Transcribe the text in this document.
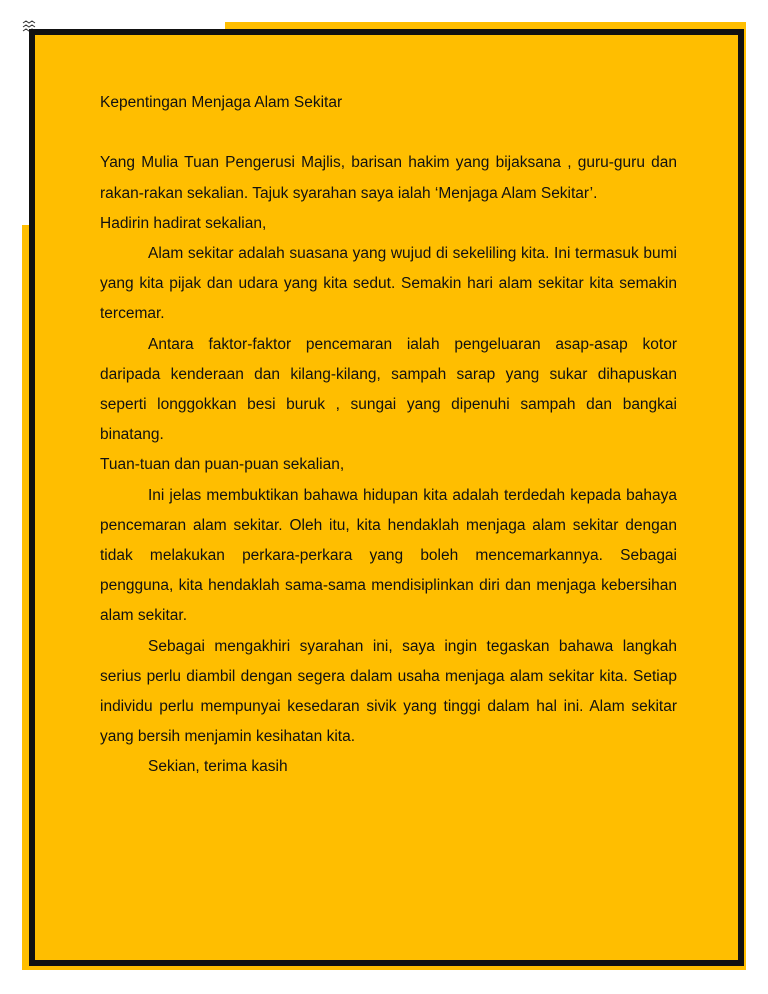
Kepentingan Menjaga Alam Sekitar

Yang Mulia Tuan Pengerusi Majlis, barisan hakim yang bijaksana , guru-guru dan rakan-rakan sekalian. Tajuk syarahan saya ialah ‘Menjaga Alam Sekitar’.

Hadirin hadirat sekalian,

Alam sekitar adalah suasana yang wujud di sekeliling kita. Ini termasuk bumi yang kita pijak dan udara yang kita sedut. Semakin hari alam sekitar kita semakin tercemar.

Antara faktor-faktor pencemaran ialah pengeluaran asap-asap kotor daripada kenderaan dan kilang-kilang, sampah sarap yang sukar dihapuskan seperti longgokkan besi buruk , sungai yang dipenuhi sampah dan bangkai binatang.

Tuan-tuan dan puan-puan sekalian,

Ini jelas membuktikan bahawa hidupan kita adalah terdedah kepada bahaya pencemaran alam sekitar. Oleh itu, kita hendaklah menjaga alam sekitar dengan tidak melakukan perkara-perkara yang boleh mencemarkannya. Sebagai pengguna, kita hendaklah sama-sama mendisiplinkan diri dan menjaga kebersihan alam sekitar.

Sebagai mengakhiri syarahan ini, saya ingin tegaskan bahawa langkah serius perlu diambil dengan segera dalam usaha menjaga alam sekitar kita. Setiap individu perlu mempunyai kesedaran sivik yang tinggi dalam hal ini. Alam sekitar yang bersih menjamin kesihatan kita.

Sekian, terima kasih
